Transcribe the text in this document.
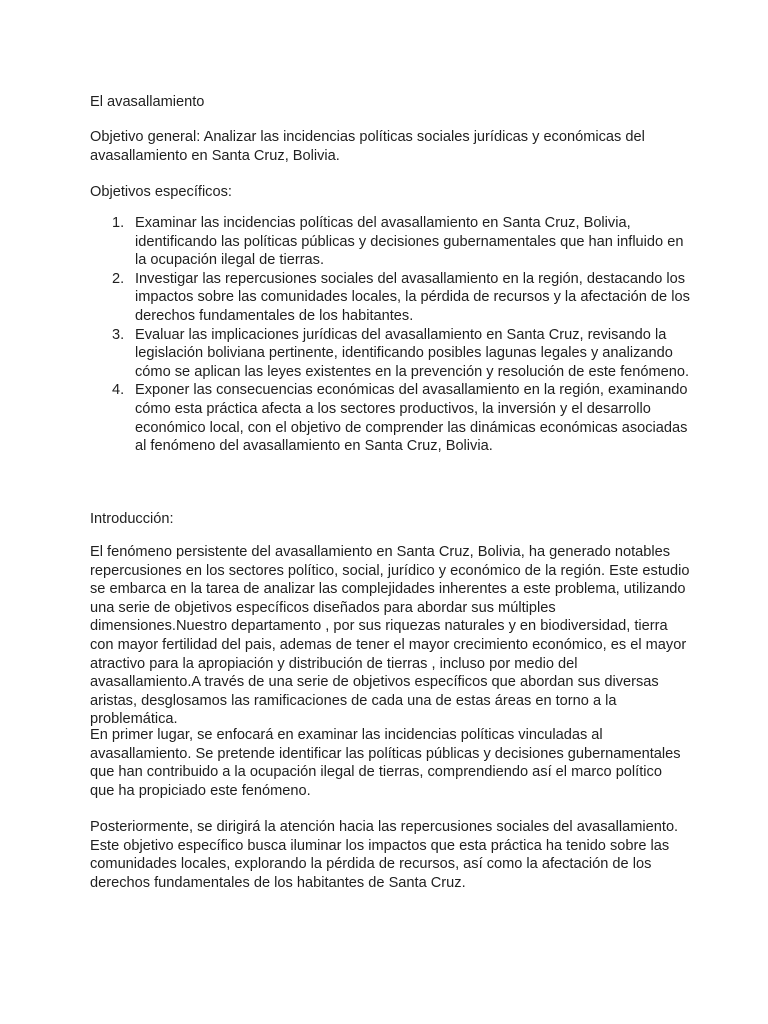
El avasallamiento

Objetivo general: Analizar las incidencias políticas sociales jurídicas y económicas del avasallamiento en Santa Cruz, Bolivia.

Objetivos específicos:

1. Examinar las incidencias políticas del avasallamiento en Santa Cruz, Bolivia, identificando las políticas públicas y decisiones gubernamentales que han influido en la ocupación ilegal de tierras.
2. Investigar las repercusiones sociales del avasallamiento en la región, destacando los impactos sobre las comunidades locales, la pérdida de recursos y la afectación de los derechos fundamentales de los habitantes.
3. Evaluar las implicaciones jurídicas del avasallamiento en Santa Cruz, revisando la legislación boliviana pertinente, identificando posibles lagunas legales y analizando cómo se aplican las leyes existentes en la prevención y resolución de este fenómeno.
4. Exponer las consecuencias económicas del avasallamiento en la región, examinando cómo esta práctica afecta a los sectores productivos, la inversión y el desarrollo económico local, con el objetivo de comprender las dinámicas económicas asociadas al fenómeno del avasallamiento en Santa Cruz, Bolivia.

Introducción:

El fenómeno persistente del avasallamiento en Santa Cruz, Bolivia, ha generado notables repercusiones en los sectores político, social, jurídico y económico de la región. Este estudio se embarca en la tarea de analizar las complejidades inherentes a este problema, utilizando una serie de objetivos específicos diseñados para abordar sus múltiples dimensiones.Nuestro departamento , por sus riquezas naturales y en biodiversidad, tierra con mayor fertilidad del pais, ademas de tener el mayor crecimiento económico, es el mayor atractivo para la apropiación y distribución de tierras , incluso por medio del avasallamiento.A través de una serie de objetivos específicos que abordan sus diversas aristas, desglosamos las ramificaciones de cada una de estas áreas en torno a la problemática.

En primer lugar, se enfocará en examinar las incidencias políticas vinculadas al avasallamiento. Se pretende identificar las políticas públicas y decisiones gubernamentales que han contribuido a la ocupación ilegal de tierras, comprendiendo así el marco político que ha propiciado este fenómeno.

Posteriormente, se dirigirá la atención hacia las repercusiones sociales del avasallamiento. Este objetivo específico busca iluminar los impactos que esta práctica ha tenido sobre las comunidades locales, explorando la pérdida de recursos, así como la afectación de los derechos fundamentales de los habitantes de Santa Cruz.
